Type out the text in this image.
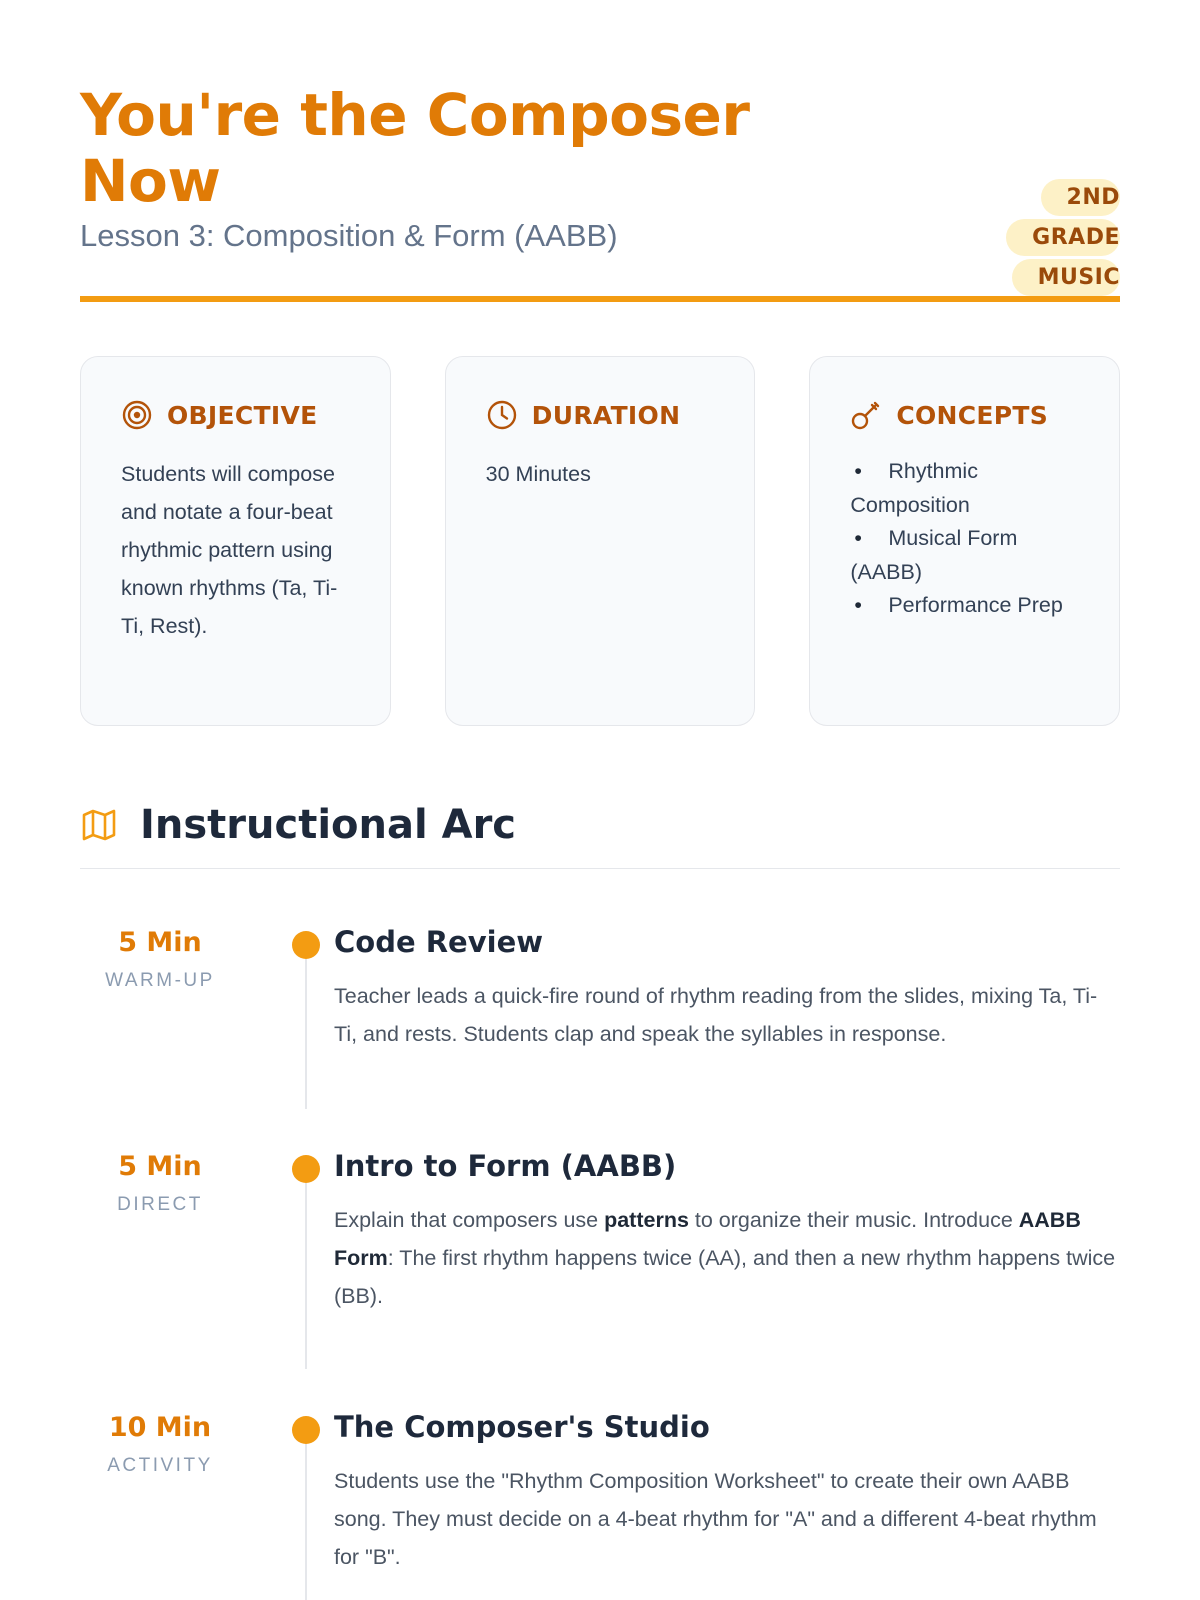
You're the Composer Now
Lesson 3: Composition & Form (AABB)
2ND GRADE
MUSIC
OBJECTIVE

Students will compose and notate a four-beat rhythmic pattern using known rhythms (Ta, Ti-Ti, Rest).

DURATION

30 Minutes

CONCEPTS
• Rhythmic Composition
• Musical Form (AABB)
• Performance Prep
Instructional Arc
5 Min
WARM-UP
Code Review

Teacher leads a quick-fire round of rhythm reading from the slides, mixing Ta, Ti-Ti, and rests. Students clap and speak the syllables in response.

5 Min
DIRECT
Intro to Form (AABB)

Explain that composers use patterns to organize their music. Introduce AABB Form: The first rhythm happens twice (AA), and then a new rhythm happens twice (BB).

10 Min
ACTIVITY
The Composer's Studio

Students use the "Rhythm Composition Worksheet" to create their own AABB song. They must decide on a 4-beat rhythm for "A" and a different 4-beat rhythm for "B".
